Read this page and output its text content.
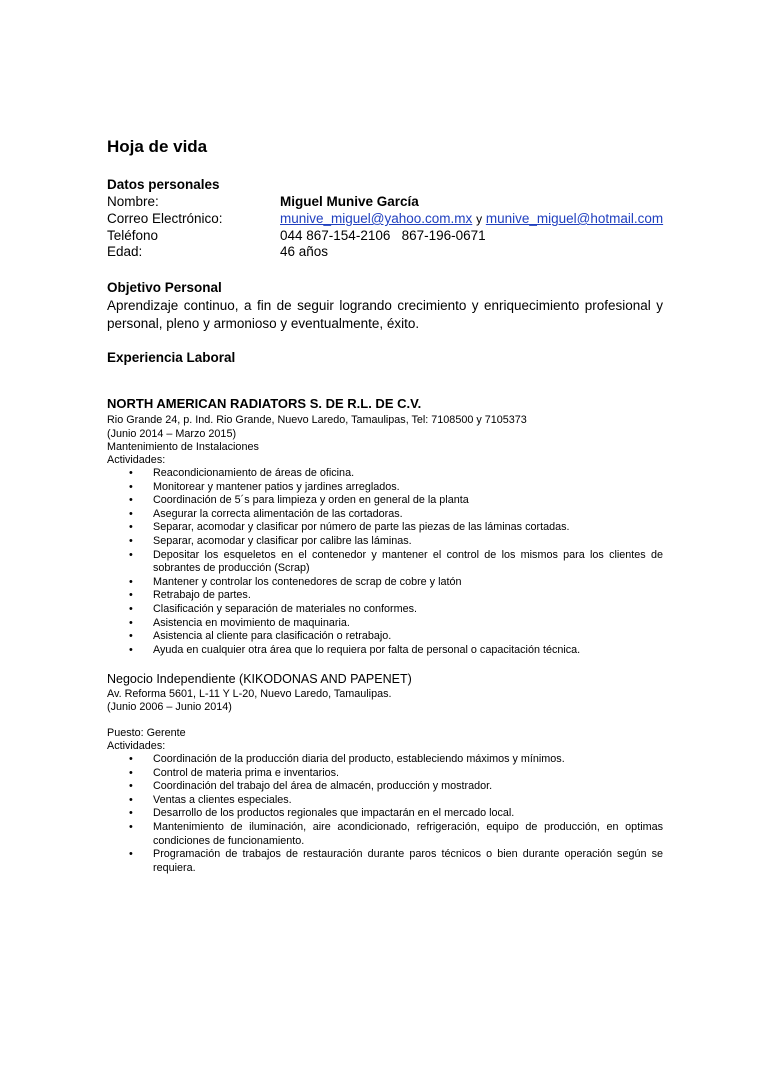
Hoja de vida
Datos personales
Nombre:	Miguel Munive García
Correo Electrónico:	munive_miguel@yahoo.com.mx y munive_miguel@hotmail.com
Teléfono	044 867-154-2106   867-196-0671
Edad:	46 años
Objetivo Personal
Aprendizaje continuo, a fin de seguir logrando crecimiento y enriquecimiento profesional y personal, pleno y armonioso y eventualmente, éxito.
Experiencia Laboral
NORTH AMERICAN RADIATORS S. DE R.L. DE C.V.
Rio Grande 24, p. Ind. Rio Grande, Nuevo Laredo, Tamaulipas, Tel: 7108500 y 7105373
(Junio 2014 – Marzo 2015)
Mantenimiento de Instalaciones
Actividades:
• Reacondicionamiento de áreas de oficina.
• Monitorear y mantener patios y jardines arreglados.
• Coordinación de 5´s para limpieza y orden en general de la planta
• Asegurar la correcta alimentación de las cortadoras.
• Separar, acomodar y clasificar por número de parte las piezas de las láminas cortadas.
• Separar, acomodar y clasificar por calibre las láminas.
• Depositar los esqueletos en el contenedor y mantener el control de los mismos para los clientes de sobrantes de producción (Scrap)
• Mantener y controlar los contenedores de scrap de cobre y latón
• Retrabajo de partes.
• Clasificación y separación de materiales no conformes.
• Asistencia en movimiento de maquinaria.
• Asistencia al cliente para clasificación o retrabajo.
• Ayuda en cualquier otra área que lo requiera por falta de personal o capacitación técnica.
Negocio Independiente (KIKODONAS AND PAPENET)
Av. Reforma 5601, L-11 Y L-20, Nuevo Laredo, Tamaulipas.
(Junio 2006 – Junio 2014)
Puesto: Gerente
Actividades:
• Coordinación de la producción diaria del producto, estableciendo máximos y mínimos.
• Control de materia prima e inventarios.
• Coordinación del trabajo del área de almacén, producción y mostrador.
• Ventas a clientes especiales.
• Desarrollo de los productos regionales que impactarán en el mercado local.
• Mantenimiento de iluminación, aire acondicionado, refrigeración, equipo de producción, en optimas condiciones de funcionamiento.
• Programación de trabajos de restauración durante paros técnicos o bien durante operación según se requiera.
